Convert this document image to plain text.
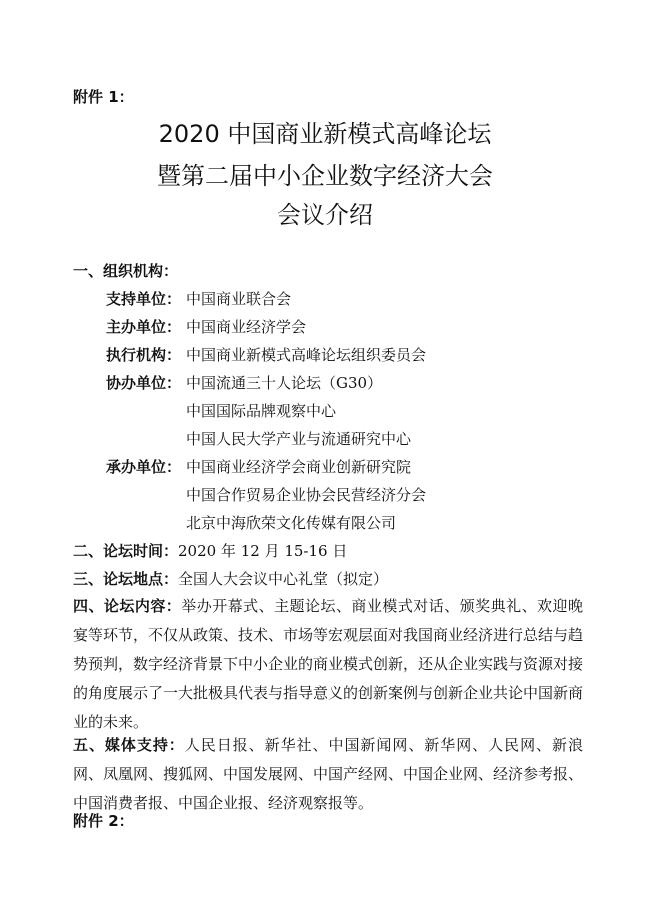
附件 1：
2020 中国商业新模式高峰论坛
暨第二届中小企业数字经济大会
会议介绍
一、组织机构：
支持单位： 中国商业联合会
主办单位： 中国商业经济学会
执行机构： 中国商业新模式高峰论坛组织委员会
协办单位： 中国流通三十人论坛（G30）
中国国际品牌观察中心
中国人民大学产业与流通研究中心
承办单位： 中国商业经济学会商业创新研究院
中国合作贸易企业协会民营经济分会
北京中海欣荣文化传媒有限公司
二、论坛时间：2020 年 12 月 15-16 日
三、论坛地点：全国人大会议中心礼堂（拟定）
四、论坛内容：举办开幕式、主题论坛、商业模式对话、颁奖典礼、欢迎晚宴等环节，不仅从政策、技术、市场等宏观层面对我国商业经济进行总结与趋势预判，数字经济背景下中小企业的商业模式创新，还从企业实践与资源对接的角度展示了一大批极具代表与指导意义的创新案例与创新企业共论中国新商业的未来。
五、媒体支持：人民日报、新华社、中国新闻网、新华网、人民网、新浪网、凤凰网、搜狐网、中国发展网、中国产经网、中国企业网、经济参考报、中国消费者报、中国企业报、经济观察报等。
附件 2：
